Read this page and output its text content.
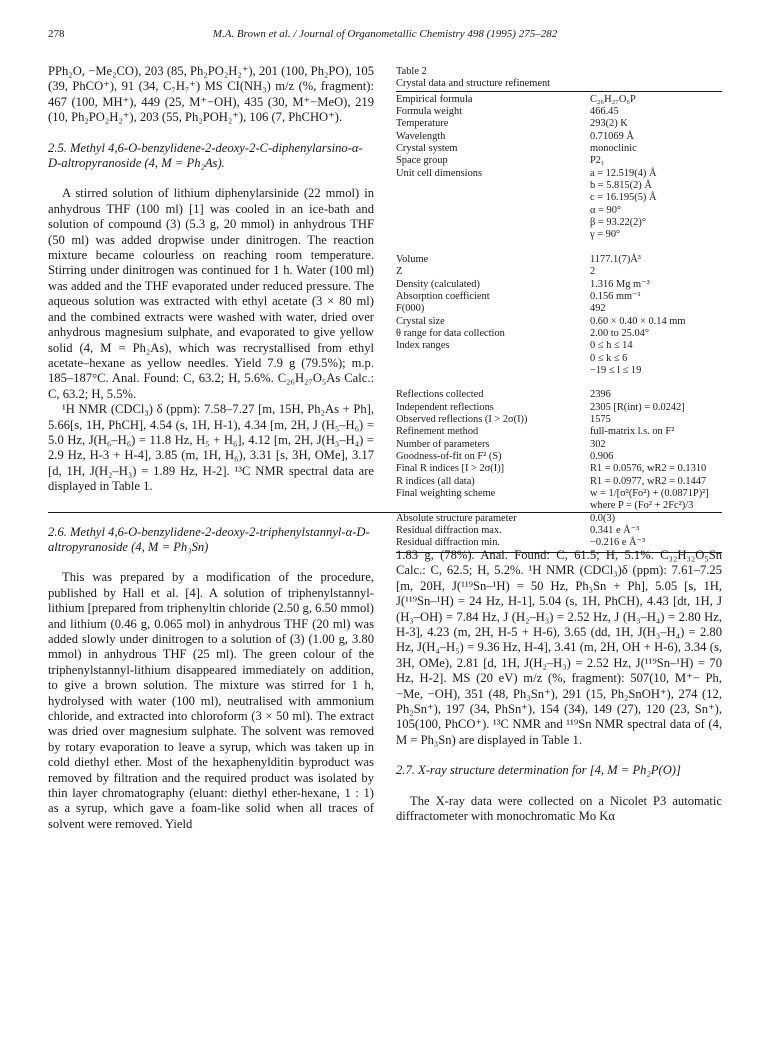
278	M.A. Brown et al. / Journal of Organometallic Chemistry 498 (1995) 275–282

PPh₂O, −Me₂CO), 203 (85, Ph₂PO₂H₂⁺), 201 (100, Ph₂PO), 105 (39, PhCO⁺), 91 (34, C₇H₇⁺) MS CI(NH₃) m/z (%, fragment): 467 (100, MH⁺), 449 (25, M⁺−OH), 435 (30, M⁺−MeO), 219 (10, Ph₂PO₂H₂⁺), 203 (55, Ph₂POH₂⁺), 106 (7, PhCHO⁺).

2.5. Methyl 4,6-O-benzylidene-2-deoxy-2-C-diphenylarsino-α-D-altropyranoside (4, M = Ph₂As).

A stirred solution of lithium diphenylarsinide (22 mmol) in anhydrous THF (100 ml) [1] was cooled in an ice-bath and solution of compound (3) (5.3 g, 20 mmol) in anhydrous THF (50 ml) was added dropwise under dinitrogen. The reaction mixture became colourless on reaching room temperature. Stirring under dinitrogen was continued for 1 h. Water (100 ml) was added and the THF evaporated under reduced pressure. The aqueous solution was extracted with ethyl acetate (3 × 80 ml) and the combined extracts were washed with water, dried over anhydrous magnesium sulphate, and evaporated to give yellow solid (4, M = Ph₂As), which was recrystallised from ethyl acetate–hexane as yellow needles. Yield 7.9 g (79.5%); m.p. 185–187°C. Anal. Found: C, 63.2; H, 5.6%. C₂₆H₂₇O₅As Calc.: C, 63.2; H, 5.5%.

¹H NMR (CDCl₃) δ (ppm): 7.58–7.27 [m, 15H, Ph₂As + Ph], 5.66[s, 1H, PhCH], 4.54 (s, 1H, H-1), 4.34 [m, 2H, J (H₅–H₆) = 5.0 Hz, J(H₆–H₆) = 11.8 Hz, H₅ + H₆], 4.12 [m, 2H, J(H₃–H₄) = 2.9 Hz, H-3 + H-4], 3.85 (m, 1H, H₆), 3.31 [s, 3H, OMe], 3.17 [d, 1H, J(H₂–H₃) = 1.89 Hz, H-2]. ¹³C NMR spectral data are displayed in Table 1.

2.6. Methyl 4,6-O-benzylidene-2-deoxy-2-triphenylstannyl-α-D-altropyranoside (4, M = Ph₃Sn)

This was prepared by a modification of the procedure, published by Hall et al. [4]. A solution of triphenylstannyl-lithium [prepared from triphenyltin chloride (2.50 g, 6.50 mmol) and lithium (0.46 g, 0.065 mol) in anhydrous THF (20 ml) was added slowly under dinitrogen to a solution of (3) (1.00 g, 3.80 mmol) in anhydrous THF (25 ml). The green colour of the triphenylstannyl-lithium disappeared immediately on addition, to give a brown solution. The mixture was stirred for 1 h, hydrolysed with water (100 ml), neutralised with ammonium chloride, and extracted into chloroform (3 × 50 ml). The extract was dried over magnesium sulphate. The solvent was removed by rotary evaporation to leave a syrup, which was taken up in cold diethyl ether. Most of the hexaphenylditin byproduct was removed by filtration and the required product was isolated by thin layer chromatography (eluant: diethyl ether-hexane, 1 : 1) as a syrup, which gave a foam-like solid when all traces of solvent were removed. Yield

Table 2

Crystal data and structure refinement

Empirical formula	C₂₆H₂₇O₆P
Formula weight	466.45
Temperature	293(2) K
Wavelength	0.71069 Å
Crystal system	monoclinic
Space group	P2₁
Unit cell dimensions	a = 12.519(4) Å
	b = 5.815(2) Å
	c = 16.195(5) Å
	α = 90°
	β = 93.22(2)°
	γ = 90°
Volume	1177.1(7)Å³
Z	2
Density (calculated)	1.316 Mg m⁻³
Absorption coefficient	0.156 mm⁻¹
F(000)	492
Crystal size	0.60 × 0.40 × 0.14 mm
θ range for data collection	2.00 to 25.04°
Index ranges	0 ≤ h ≤ 14
	0 ≤ k ≤ 6
	−19 ≤ l ≤ 19
Reflections collected	2396
Independent reflections	2305 [R(int) = 0.0242]
Observed reflections (I > 2σ(I))	1575
Refinement method	full-matrix l.s. on F²
Number of parameters	302
Goodness-of-fit on F² (S)	0.906
Final R indices [I > 2σ(I)]	R1 = 0.0576, wR2 = 0.1310
R indices (all data)	R1 = 0.0977, wR2 = 0.1447
Final weighting scheme	w = 1/[σ²(Fo²) + (0.0871P)²]
	where P = (Fo² + 2Fc²)/3
Absolute structure parameter	0.0(3)
Residual diffraction max.	0.341 e Å⁻³
Residual diffraction min.	−0.216 e Å⁻³

1.83 g, (78%). Anal. Found: C, 61.5; H, 5.1%. C₃₂H₃₂O₅Sn Calc.: C, 62.5; H, 5.2%. ¹H NMR (CDCl₃)δ (ppm): 7.61–7.25 [m, 20H, J(¹¹⁹Sn–¹H) = 50 Hz, Ph₃Sn + Ph], 5.05 [s, 1H, J(¹¹⁹Sn–¹H) = 24 Hz, H-1], 5.04 (s, 1H, PhCH), 4.43 [dt, 1H, J (H₃–OH) = 7.84 Hz, J (H₂–H₃) = 2.52 Hz, J (H₃–H₄) = 2.80 Hz, H-3], 4.23 (m, 2H, H-5 + H-6), 3.65 (dd, 1H, J(H₃–H₄) = 2.80 Hz, J(H₄–H₅) = 9.36 Hz, H-4], 3.41 (m, 2H, OH + H-6), 3.34 (s, 3H, OMe), 2.81 [d, 1H, J(H₂–H₃) = 2.52 Hz, J(¹¹⁹Sn–¹H) = 70 Hz, H-2]. MS (20 eV) m/z (%, fragment): 507(10, M⁺− Ph, −Me, −OH), 351 (48, Ph₃Sn⁺), 291 (15, Ph₂SnOH⁺), 274 (12, Ph₂Sn⁺), 197 (34, PhSn⁺), 154 (34), 149 (27), 120 (23, Sn⁺), 105(100, PhCO⁺). ¹³C NMR and ¹¹⁹Sn NMR spectral data of (4, M = Ph₃Sn) are displayed in Table 1.

2.7. X-ray structure determination for [4, M = Ph₂P(O)]

The X-ray data were collected on a Nicolet P3 automatic diffractometer with monochromatic Mo Kα
